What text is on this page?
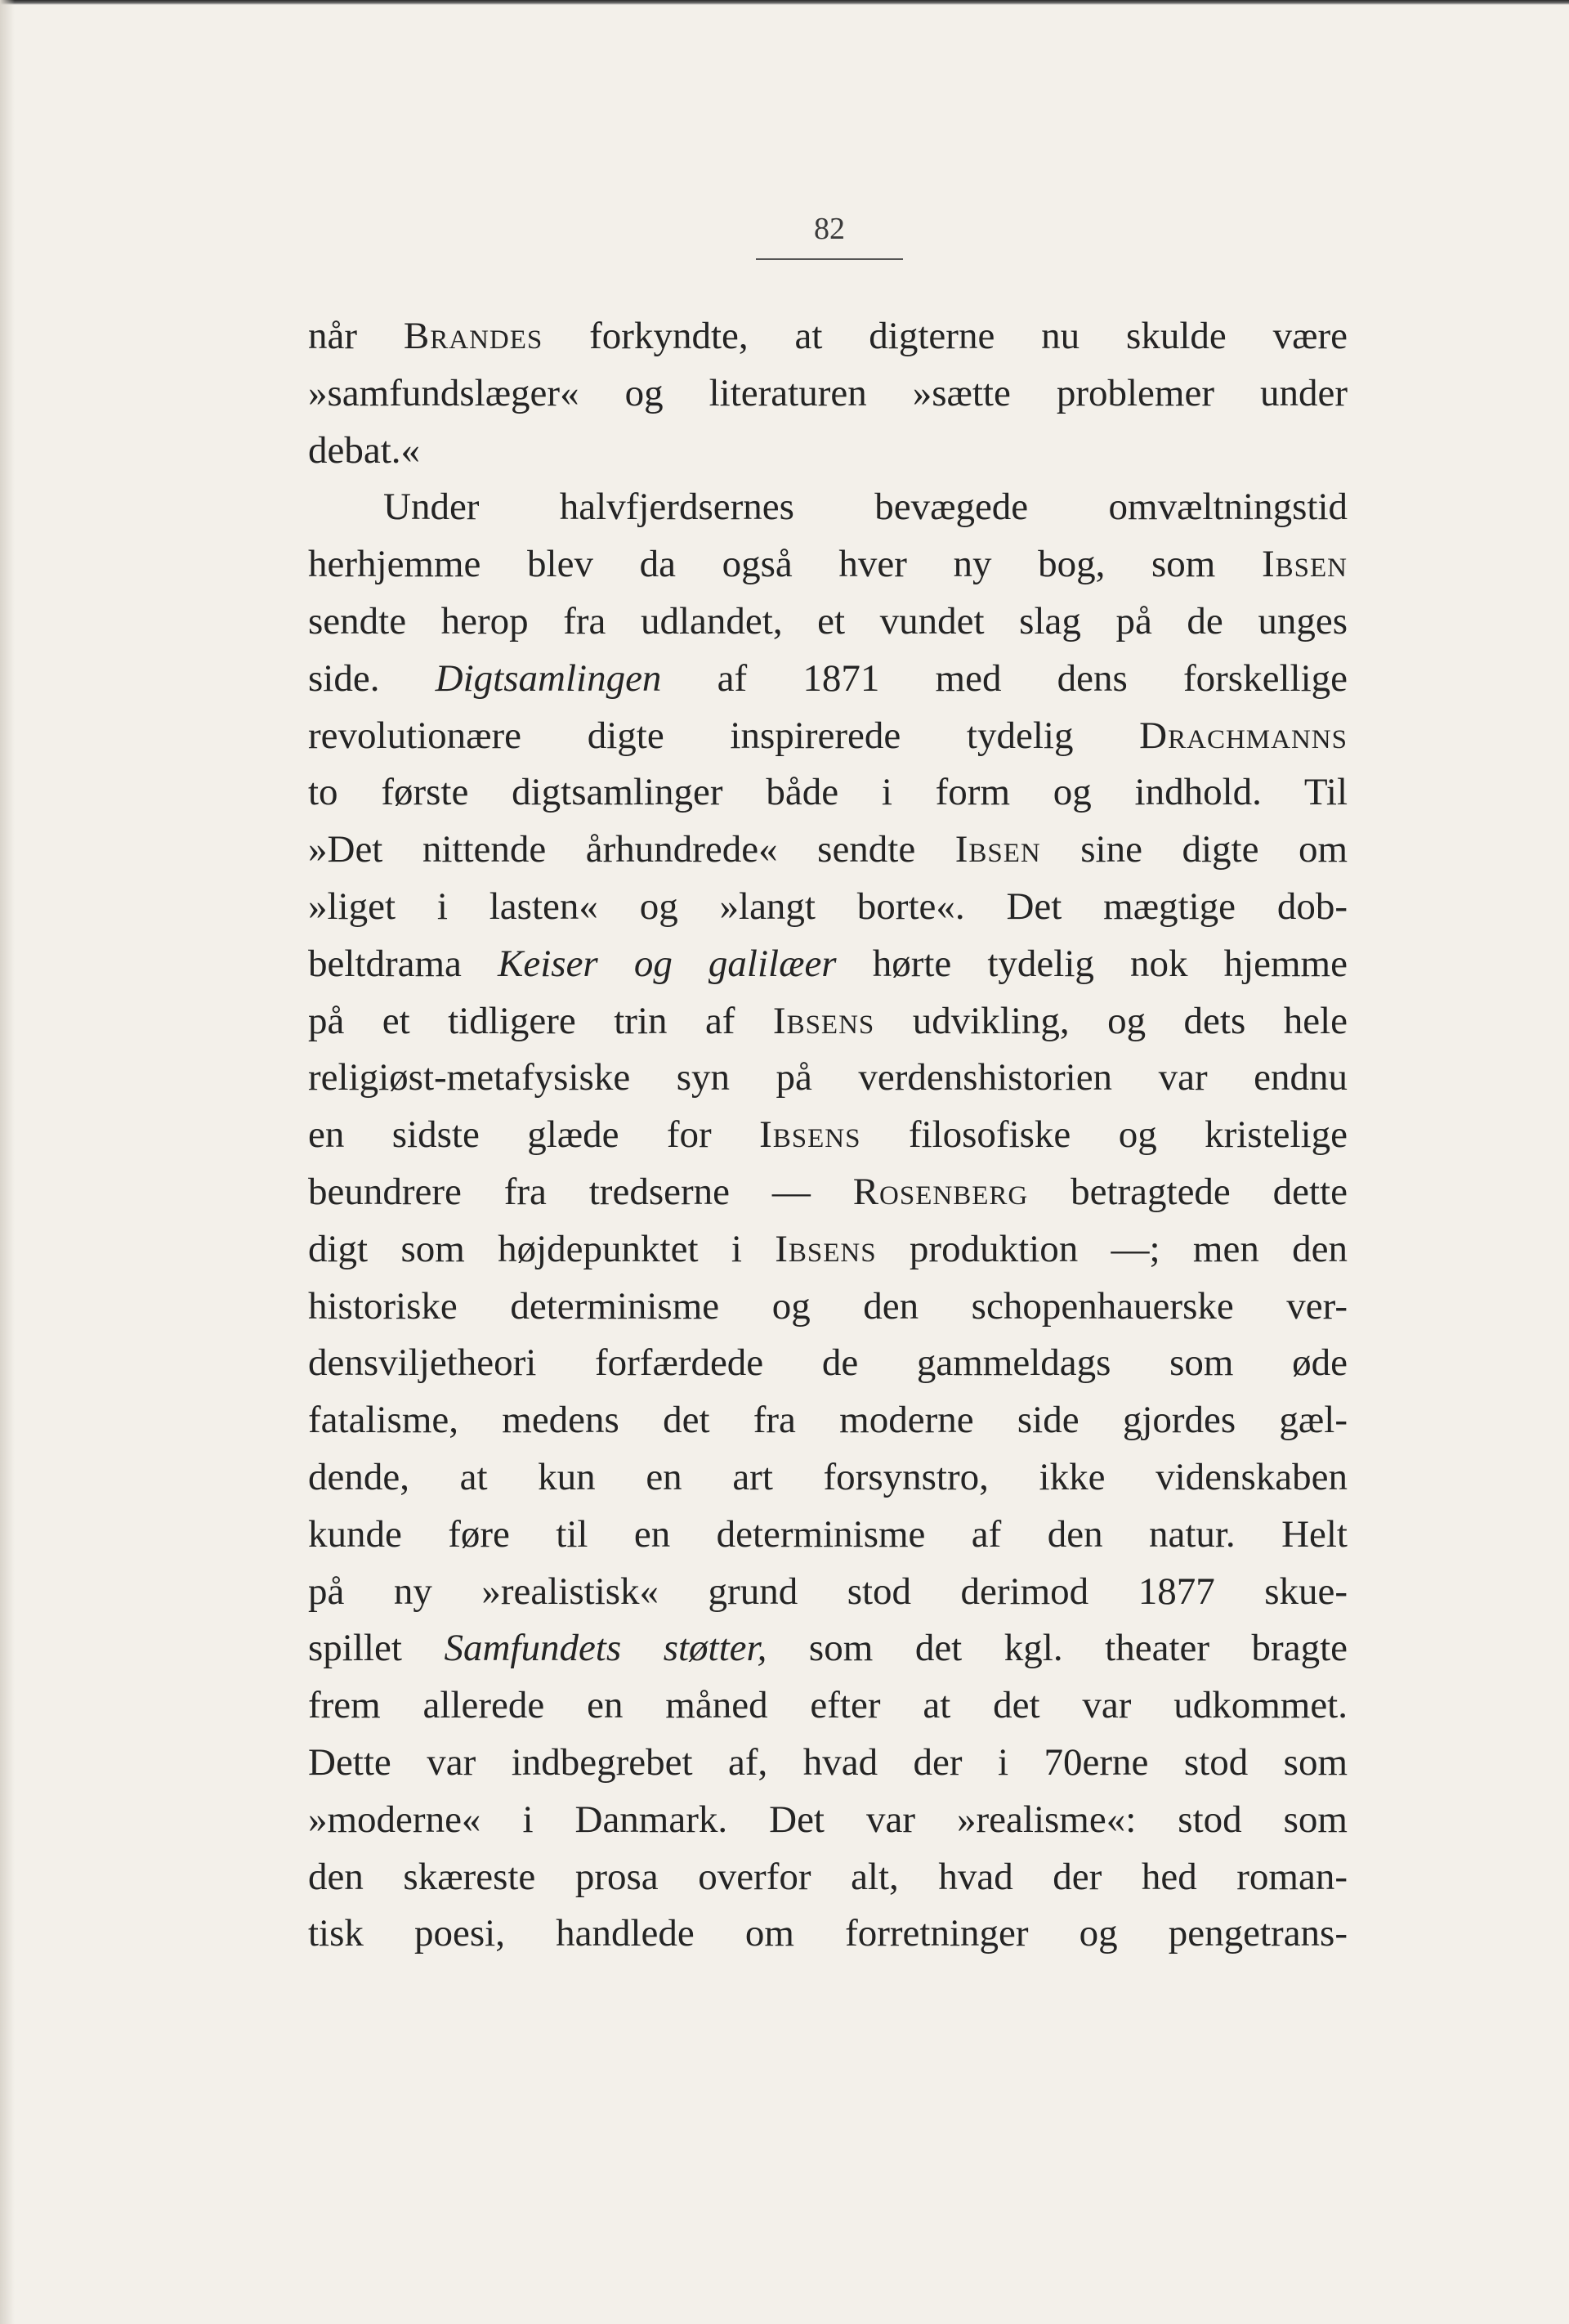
82
når Brandes forkyndte, at digterne nu skulde være
»samfundslæger« og literaturen »sætte problemer under
debat.«
Under halvfjerdsernes bevægede omvæltningstid
herhjemme blev da også hver ny bog, som Ibsen
sendte herop fra udlandet, et vundet slag på de unges
side. Digtsamlingen af 1871 med dens forskellige
revolutionære digte inspirerede tydelig Drachmanns
to første digtsamlinger både i form og indhold. Til
»Det nittende århundrede« sendte Ibsen sine digte om
»liget i lasten« og »langt borte«. Det mægtige dob-
beltdrama Keiser og galilæer hørte tydelig nok hjemme
på et tidligere trin af Ibsens udvikling, og dets hele
religiøst-metafysiske syn på verdenshistorien var endnu
en sidste glæde for Ibsens filosofiske og kristelige
beundrere fra tredserne — Rosenberg betragtede dette
digt som højdepunktet i Ibsens produktion —; men den
historiske determinisme og den schopenhauerske ver-
densviljetheori forfærdede de gammeldags som øde
fatalisme, medens det fra moderne side gjordes gæl-
dende, at kun en art forsynstro, ikke videnskaben
kunde føre til en determinisme af den natur. Helt
på ny »realistisk« grund stod derimod 1877 skue-
spillet Samfundets støtter, som det kgl. theater bragte
frem allerede en måned efter at det var udkommet.
Dette var indbegrebet af, hvad der i 70erne stod som
»moderne« i Danmark. Det var »realisme«: stod som
den skæreste prosa overfor alt, hvad der hed roman-
tisk poesi, handlede om forretninger og pengetrans-
